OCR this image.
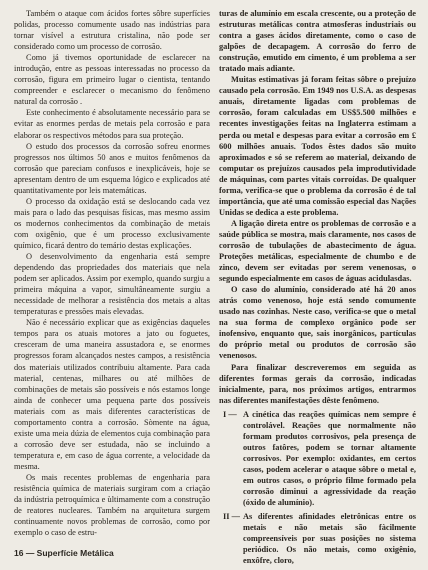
Também o ataque com ácidos fortes sôbre superfícies polidas, processo comumente usado nas indústrias para tornar visível a estrutura cristalina, não pode ser considerado como um processo de corrosão.

Como já tivemos oportunidade de esclarecer na introdução, entre as pessoas interessadas no processo da corrosão, figura em primeiro lugar o cientista, tentando compreender e esclarecer o mecanismo do fenômeno natural da corrosão .

Este conhecimento é absolutamente necessário para se evitar as enormes perdas de metais pela corrosão e para elaborar os respectivos métodos para sua proteção.

O estudo dos processos da corrosão sofreu enormes progressos nos últimos 50 anos e muitos fenômenos da corrosão que pareciam confusos e inexplicáveis, hoje se apresentam dentro de um esquema lógico e explicados até quantitativamente por leis matemáticas.

O processo da oxidação está se deslocando cada vez mais para o lado das pesquisas físicas, mas mesmo assim os modernos conhecimentos da combinação de metais com oxigênio, que é um processo exclusivamente químico, ficará dentro do temário destas explicações.

O desenvolvimento da engenharia está sempre dependendo das propriedades dos materiais que nela podem ser aplicados. Assim por exemplo, quando surgiu a primeira máquina a vapor, simultâneamente surgiu a necessidade de melhorar a resistência dos metais a altas temperaturas e pressões mais elevadas.

Não é necessário explicar que as exigências daqueles tempos para os atuais motores a jato ou foguetes, cresceram de uma maneira assustadora e, se enormes progressos foram alcançados nestes campos, a resistência dos materiais utilizados contribuiu altamente. Para cada material, centenas, milhares ou até milhões de combinações de metais são possíveis e nós estamos longe ainda de conhecer uma pequena parte dos possíveis materiais com as mais diferentes características de comportamento contra a corrosão. Sòmente na água, existe uma meia dúzia de elementos cuja combinação para a corrosão deve ser estudada, não se incluindo a temperatura e, em caso de água corrente, a velocidade da mesma.

Os mais recentes problemas de engenharia para resistência química de materiais surgiram com a criação da indústria petroquímica e ùltimamente com a construção de reatores nucleares. Também na arquitetura surgem continuamente novos problemas de corrosão, como por exemplo o caso de estru-

turas de alumínio em escala crescente, ou a proteção de estruturas metálicas contra atmosferas industriais ou contra a gases ácidos diretamente, como o caso de galpões de decapagem. A corrosão do ferro de construção, emutido em cimento, é um problema a ser tratado mais adiante.

Muitas estimativas já foram feitas sôbre o prejuízo causado pela corrosão. Em 1949 nos U.S.A. as despesas anuais, diretamente ligadas com problemas de corrosão, foram calculadas em US$5.500 milhões e recentes investigações feitas na Inglaterra estimam a perda ou metal e despesas para evitar a corrosão em £ 600 milhões anuais. Todos êstes dados são muito aproximados e só se referem ao material, deixando de computar os prejuízos causados pela improdutividade de máquinas, com partes vitais corroídas. De qualquer forma, verifica-se que o problema da corrosão é de tal importância, que até uma comissão especial das Nações Unidas se dedica a este problema.

A ligação direta entre os problemas de corrosão e a saúde pública se mostra, mais claramente, nos casos de corrosão de tubulações de abastecimento de água. Proteções metálicas, especialmente de chumbo e de zinco, devem ser evitadas por serem venenosas, o segundo especialmente em casos de águas acidulasdas.

O caso do alumínio, considerado até há 20 anos atrás como venenoso, hoje está sendo comumente usado nas cozinhas. Neste caso, verifica-se que o metal na sua forma de complexo orgânico pode ser inofensivo, enquanto que, sais inorgânicos, partículas do próprio metal ou produtos de corrosão são venenosos.

Para finalizar descreveremos em seguida as diferentes formas gerais da corrosão, indicadas inicialmente, para, nos próximos artigos, entrarmos nas diferentes manifestações dêste fenômeno.

I — A cinética das reações químicas nem sempre é controlável. Reações que normalmente não formam produtos corrosivos, pela presença de outros fatôres, podem se tornar altamente corrosivos. Por exemplo: oxidantes, em certos casos, podem acelerar o ataque sôbre o metal e, em outros casos, o próprio filme formado pela corrosão diminui a agressividade da reação (óxido de alumínio).
II — As diferentes afinidades eletrônicas entre os metais e não metais são fàcilmente compreensíveis por suas posições no sistema periódico. Os não metais, como oxigênio, enxôfre, cloro,
16 — Superfície Metálica
